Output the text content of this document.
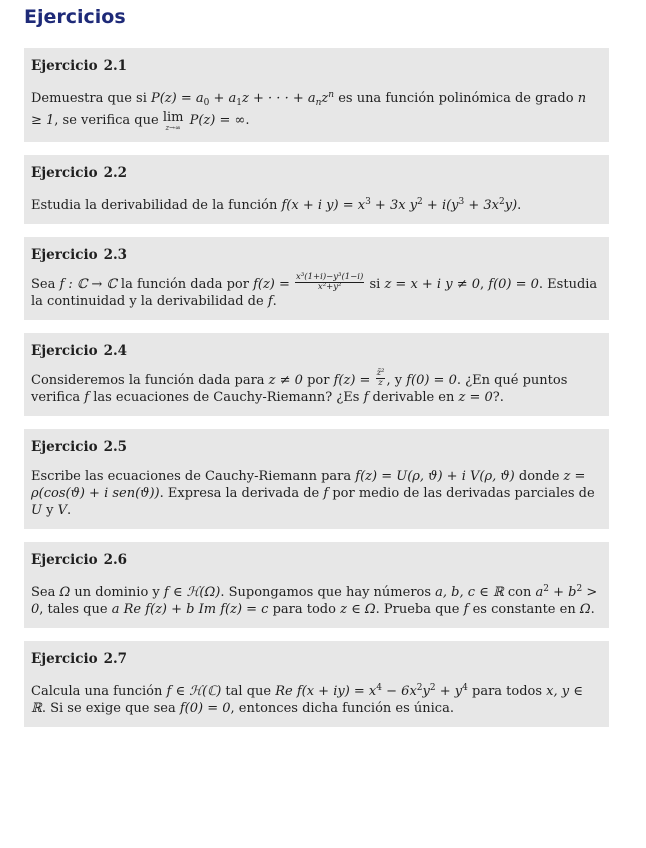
Ejercicios

Ejercicio 2.1

Demuestra que si $P(z) = a_0 + a_1z$ + · · · + $a_nz^n$ es una función polinómica de grado n ≥ 1, se verifica que lim
z→∞ P(z) = ∞.

Ejercicio 2.2

Estudia la derivabilidad de la función f(x + i $y) = x^3 + 3x$ $y^2 + i(y^3 + 3x^2y)$.

Ejercicio 2.3

Sea f : ℂ → ℂ la función dada por $f(z) = \frac{\text{x³(1+i)−y³(1−i)}}{\text{x²+y²}}$ si z = x + i y ≠ 0, f(0) = 0. Estudia la continuidad y la derivabilidad de f.

Ejercicio 2.4

Consideremos la función dada para z ≠ 0 por $f(z) = \frac{\text{z̄²}}{z}$ , y f(0) = 0. ¿En qué puntos verifica f las ecuaciones de Cauchy-Riemann? ¿Es f derivable en z = 0?.

Ejercicio 2.5

Escribe las ecuaciones de Cauchy-Riemann para f(z) = U(ρ, ϑ) + i V(ρ, ϑ) donde z = ρ(cos(ϑ) + i sen(ϑ)). Expresa la derivada de f por medio de las derivadas parciales de U y V.

Ejercicio 2.6

Sea Ω un dominio y f ∈ ℋ(Ω). Supongamos que hay números a, b, c ∈ ℝ con $a^2 + b^2 > 0$, tales que a Re f(z) + b Im f(z) = c para todo z ∈ Ω. Prueba que f es constante en Ω.

Ejercicio 2.7

Calcula una función f ∈ ℋ(ℂ) tal que Re $f(x + iy) = x^4 - 6x^2y^2 + y^4$ para todos x, y ∈ ℝ. Si se exige que sea f(0) = 0, entonces dicha función es única.
